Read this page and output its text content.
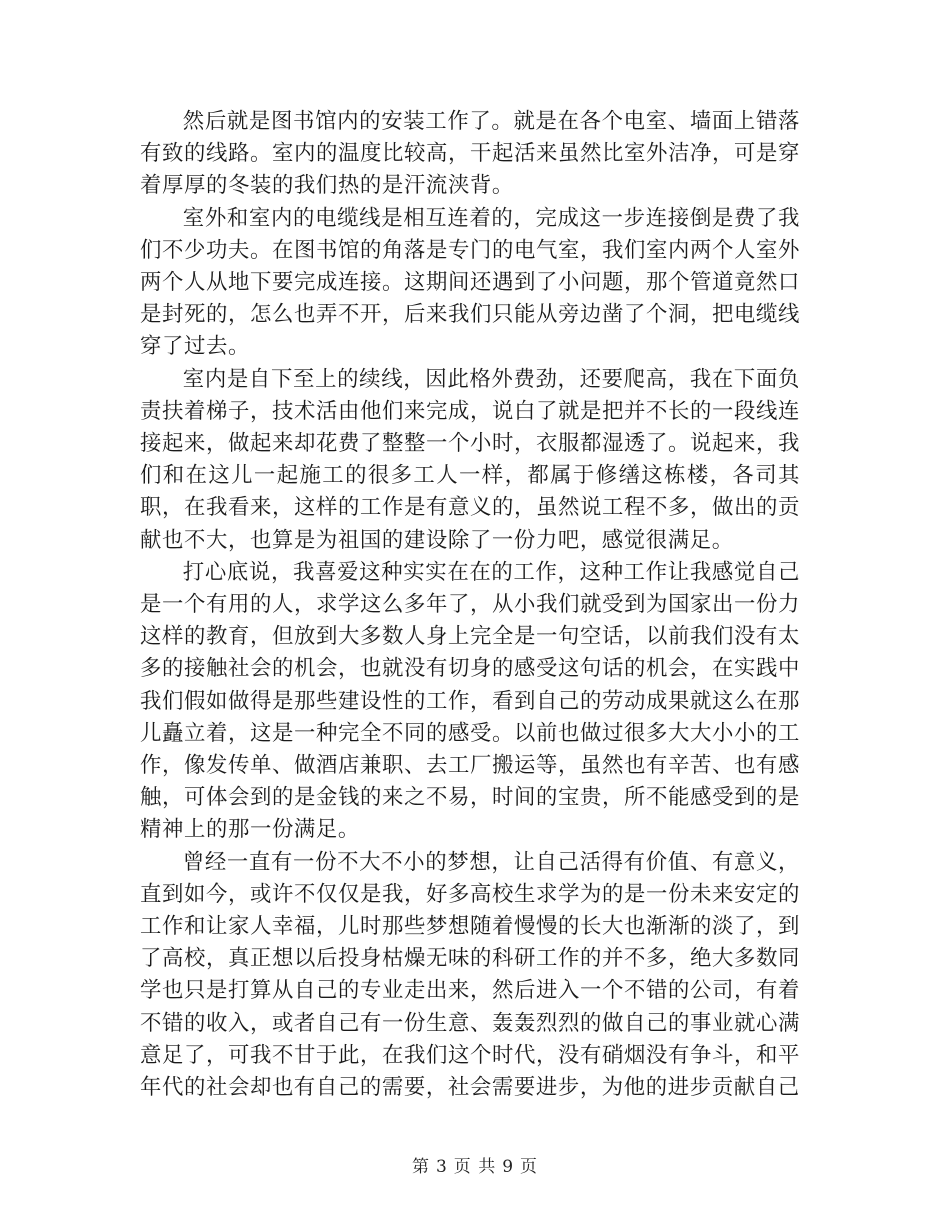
然后就是图书馆内的安装工作了。就是在各个电室、墙面上错落有致的线路。室内的温度比较高，干起活来虽然比室外洁净，可是穿着厚厚的冬装的我们热的是汗流浃背。

室外和室内的电缆线是相互连着的，完成这一步连接倒是费了我们不少功夫。在图书馆的角落是专门的电气室，我们室内两个人室外两个人从地下要完成连接。这期间还遇到了小问题，那个管道竟然口是封死的，怎么也弄不开，后来我们只能从旁边凿了个洞，把电缆线穿了过去。

室内是自下至上的续线，因此格外费劲，还要爬高，我在下面负责扶着梯子，技术活由他们来完成，说白了就是把并不长的一段线连接起来，做起来却花费了整整一个小时，衣服都湿透了。说起来，我们和在这儿一起施工的很多工人一样，都属于修缮这栋楼，各司其职，在我看来，这样的工作是有意义的，虽然说工程不多，做出的贡献也不大，也算是为祖国的建设除了一份力吧，感觉很满足。

打心底说，我喜爱这种实实在在的工作，这种工作让我感觉自己是一个有用的人，求学这么多年了，从小我们就受到为国家出一份力这样的教育，但放到大多数人身上完全是一句空话，以前我们没有太多的接触社会的机会，也就没有切身的感受这句话的机会，在实践中我们假如做得是那些建设性的工作，看到自己的劳动成果就这么在那儿矗立着，这是一种完全不同的感受。以前也做过很多大大小小的工作，像发传单、做酒店兼职、去工厂搬运等，虽然也有辛苦、也有感触，可体会到的是金钱的来之不易，时间的宝贵，所不能感受到的是精神上的那一份满足。

曾经一直有一份不大不小的梦想，让自己活得有价值、有意义，直到如今，或许不仅仅是我，好多高校生求学为的是一份未来安定的工作和让家人幸福，儿时那些梦想随着慢慢的长大也渐渐的淡了，到了高校，真正想以后投身枯燥无味的科研工作的并不多，绝大多数同学也只是打算从自己的专业走出来，然后进入一个不错的公司，有着不错的收入，或者自己有一份生意、轰轰烈烈的做自己的事业就心满意足了，可我不甘于此，在我们这个时代，没有硝烟没有争斗，和平年代的社会却也有自己的需要，社会需要进步，为他的进步贡献自己

第 3 页 共 9 页
